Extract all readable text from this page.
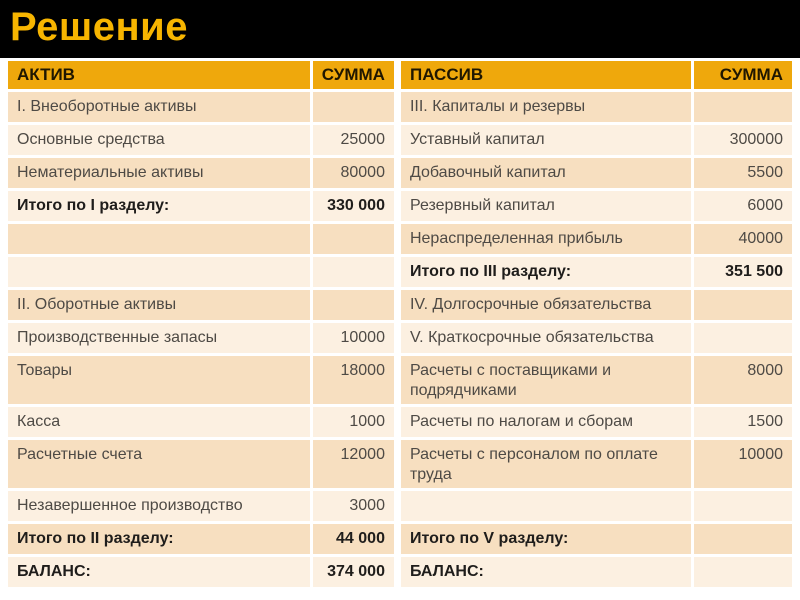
Решение
АКТИВ	СУММА		ПАССИВ	СУММА
I. Внеоборотные активы			III. Капиталы и резервы	
Основные средства	25000		Уставный капитал	300000
Нематериальные активы	80000		Добавочный капитал	5500
Итого по I разделу:	330 000		Резервный капитал	6000
			Нераспределенная прибыль	40000
			Итого по III разделу:	351 500
II. Оборотные активы			IV. Долгосрочные обязательства	
Производственные запасы	10000		V. Краткосрочные обязательства	
Товары	18000		Расчеты с поставщиками и подрядчиками	8000
Касса	1000		Расчеты по налогам и сборам	1500
Расчетные счета	12000		Расчеты с персоналом по оплате труда	10000
Незавершенное производство	3000			
Итого по II разделу:	44 000		Итого по V разделу:	
БАЛАНС:	374 000		БАЛАНС:	
